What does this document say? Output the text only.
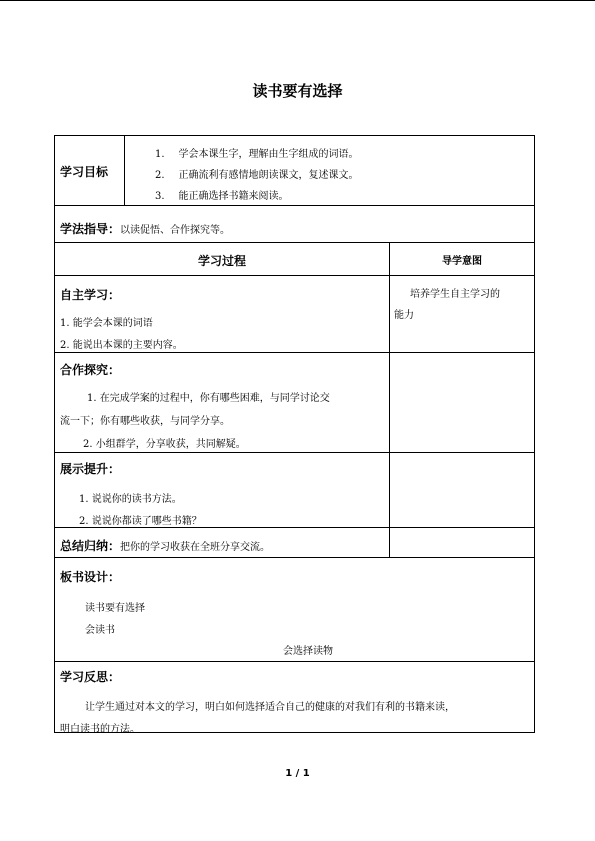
读书要有选择
学习目标
1. 学会本课生字，理解由生字组成的词语。
2. 正确流利有感情地朗读课文，复述课文。
3. 能正确选择书籍来阅读。
学法指导：以读促悟、合作探究等。
学习过程	导学意图
自主学习：
1. 能学会本课的词语
2. 能说出本课的主要内容。
培养学生自主学习的
能力
合作探究：
1. 在完成学案的过程中，你有哪些困难，与同学讨论交
流一下；你有哪些收获，与同学分享。
2. 小组群学，分享收获，共同解疑。
展示提升：
1. 说说你的读书方法。
2. 说说你都读了哪些书籍？
总结归纳：把你的学习收获在全班分享交流。
板书设计：
读书要有选择
会读书
会选择读物
学习反思：
让学生通过对本文的学习，明白如何选择适合自己的健康的对我们有利的书籍来读，
明白读书的方法。
1 / 1
